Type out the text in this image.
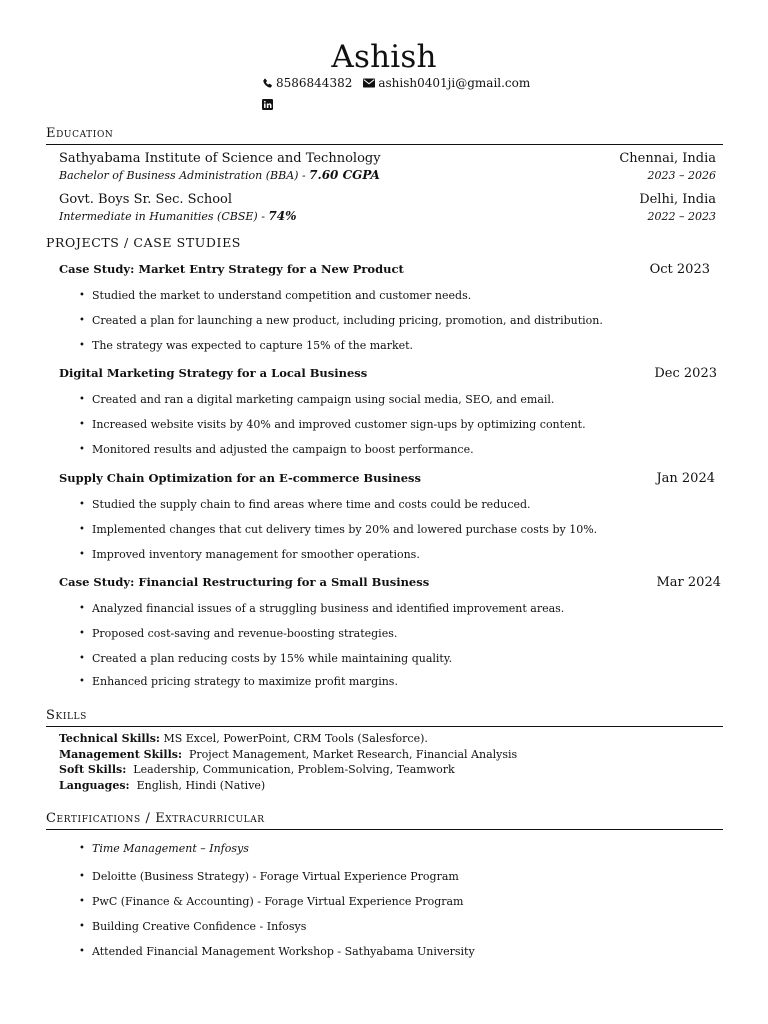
Ashish
8586844382 ashish0401ji@gmail.com
Education
Sathyabama Institute of Science and Technology	Chennai, India
Bachelor of Business Administration (BBA) - 7.60 CGPA	2023 – 2026
Govt. Boys Sr. Sec. School	Delhi, India
Intermediate in Humanities (CBSE) - 74%	2022 – 2023
PROJECTS / CASE STUDIES
Case Study: Market Entry Strategy for a New Product	Oct 2023
• Studied the market to understand competition and customer needs.
• Created a plan for launching a new product, including pricing, promotion, and distribution.
• The strategy was expected to capture 15% of the market.
Digital Marketing Strategy for a Local Business	Dec 2023
• Created and ran a digital marketing campaign using social media, SEO, and email.
• Increased website visits by 40% and improved customer sign-ups by optimizing content.
• Monitored results and adjusted the campaign to boost performance.
Supply Chain Optimization for an E-commerce Business	Jan 2024
• Studied the supply chain to find areas where time and costs could be reduced.
• Implemented changes that cut delivery times by 20% and lowered purchase costs by 10%.
• Improved inventory management for smoother operations.
Case Study: Financial Restructuring for a Small Business	Mar 2024
• Analyzed financial issues of a struggling business and identified improvement areas.
• Proposed cost-saving and revenue-boosting strategies.
• Created a plan reducing costs by 15% while maintaining quality.
• Enhanced pricing strategy to maximize profit margins.
Skills
Technical Skills: MS Excel, PowerPoint, CRM Tools (Salesforce).
Management Skills:  Project Management, Market Research, Financial Analysis
Soft Skills:  Leadership, Communication, Problem-Solving, Teamwork
Languages:  English, Hindi (Native)
Certifications / Extracurricular
• Time Management – Infosys
• Deloitte (Business Strategy) - Forage Virtual Experience Program
• PwC (Finance & Accounting) - Forage Virtual Experience Program
• Building Creative Confidence - Infosys
• Attended Financial Management Workshop - Sathyabama University
